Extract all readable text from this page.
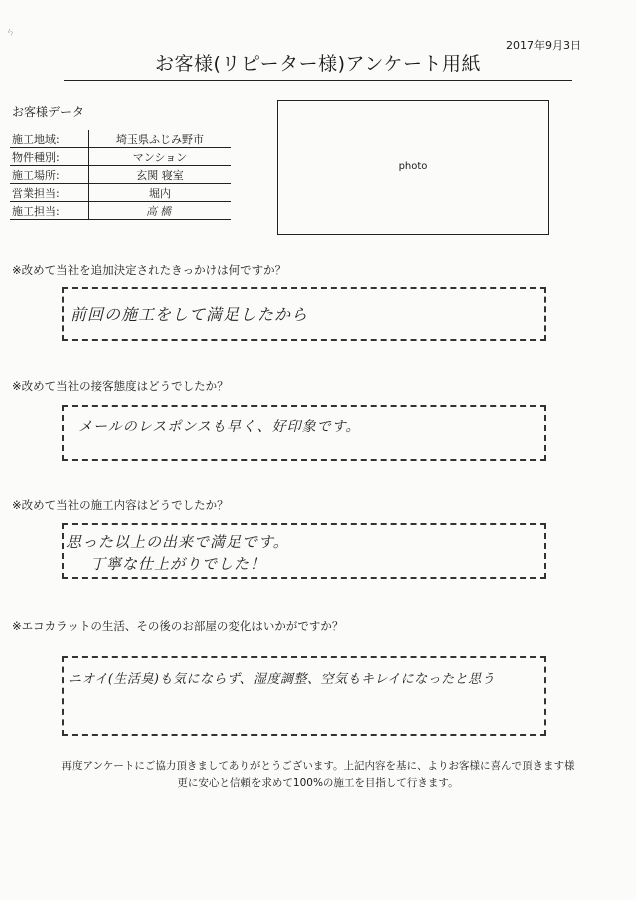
ㄣ
2017年9月3日
お客様(リピーター様)アンケート用紙
お客様データ
施工地域:	埼玉県ふじみ野市
物件種別:	マンション
施工場所:	玄関 寝室
営業担当:	堀内
施工担当:	高橋
photo
※改めて当社を追加決定されたきっかけは何ですか？
前回の施工をして満足したから
※改めて当社の接客態度はどうでしたか？
メールのレスポンスも早く、好印象です。
※改めて当社の施工内容はどうでしたか？
思った以上の出来で満足です。
丁寧な仕上がりでした！
※エコカラットの生活、その後のお部屋の変化はいかがですか？
ニオイ(生活臭)も気にならず、湿度調整、空気もキレイになったと思う
再度アンケートにご協力頂きましてありがとうございます。上記内容を基に、よりお客様に喜んで頂きます様
更に安心と信頼を求めて100%の施工を目指して行きます。
